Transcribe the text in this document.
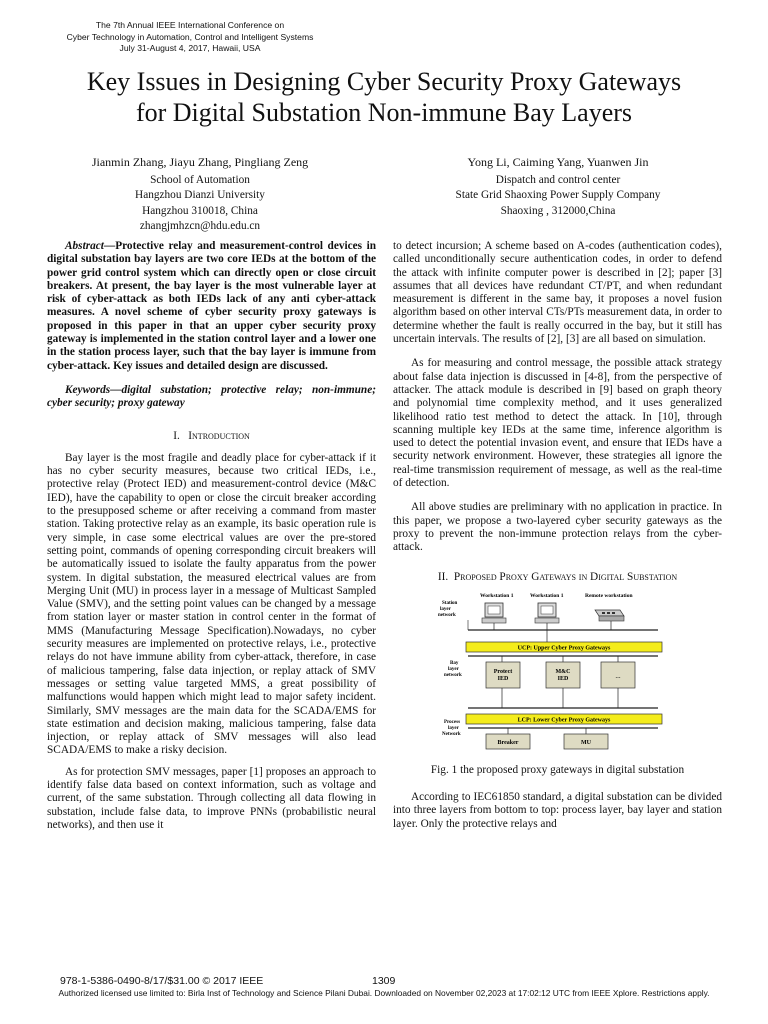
The 7th Annual IEEE International Conference on
Cyber Technology in Automation, Control and Intelligent Systems
July 31-August 4, 2017, Hawaii, USA
Key Issues in Designing Cyber Security Proxy Gateways
for Digital Substation Non-immune Bay Layers
Jianmin Zhang, Jiayu Zhang, Pingliang Zeng
School of Automation
Hangzhou Dianzi University
Hangzhou 310018, China
zhangjmhzcn@hdu.edu.cn
Yong Li, Caiming Yang, Yuanwen Jin
Dispatch and control center
State Grid Shaoxing Power Supply Company
Shaoxing , 312000,China

Abstract—Protective relay and measurement-control devices in digital substation bay layers are two core IEDs at the bottom of the power grid control system which can directly open or close circuit breakers. At present, the bay layer is the most vulnerable layer at risk of cyber-attack as both IEDs lack of any anti cyber-attack measures. A novel scheme of cyber security proxy gateways is proposed in this paper in that an upper cyber security proxy gateway is implemented in the station control layer and a lower one in the station process layer, such that the bay layer is immune from cyber-attack. Key issues and detailed design are discussed.

Keywords—digital substation; protective relay; non-immune; cyber security; proxy gateway

I. Introduction

Bay layer is the most fragile and deadly place for cyber-attack if it has no cyber security measures, because two critical IEDs, i.e., protective relay (Protect IED) and measurement-control device (M&C IED), have the capability to open or close the circuit breaker according to the presupposed scheme or after receiving a command from master station. Taking protective relay as an example, its basic operation rule is very simple, in case some electrical values are over the pre-stored setting point, commands of opening corresponding circuit breakers will be automatically issued to isolate the faulty apparatus from the power system. In digital substation, the measured electrical values are from Merging Unit (MU) in process layer in a message of Multicast Sampled Value (SMV), and the setting point values can be changed by a message from station layer or master station in control center in the format of MMS (Manufacturing Message Specification).Nowadays, no cyber security measures are implemented on protective relays, i.e., protective relays do not have immune ability from cyber-attack, therefore, in case of malicious tampering, false data injection, or replay attack of SMV messages or setting value targeted MMS, a great possibility of malfunctions would happen which might lead to major safety incident. Similarly, SMV messages are the main data for the SCADA/EMS for state estimation and decision making, malicious tampering, false data injection, or replay attack of SMV messages will also lead SCADA/EMS to make a risky decision.

As for protection SMV messages, paper [1] proposes an approach to identify false data based on context information, such as voltage and current, of the same substation. Through collecting all data flowing in substation, include false data, to improve PNNs (probabilistic neural networks), and then use it

to detect incursion; A scheme based on A-codes (authentication codes), called unconditionally secure authentication codes, in order to defend the attack with infinite computer power is described in [2]; paper [3] assumes that all devices have redundant CT/PT, and when redundant measurement is different in the same bay, it proposes a novel fusion algorithm based on other interval CTs/PTs measurement data, in order to determine whether the fault is really occurred in the bay, but it still has uncertain intervals. The results of [2], [3] are all based on simulation.

As for measuring and control message, the possible attack strategy about false data injection is discussed in [4-8], from the perspective of attacker. The attack module is described in [9] based on graph theory and polynomial time complexity method, and it uses generalized likelihood ratio test method to detect the attack. In [10], through scanning multiple key IEDs at the same time, inference algorithm is used to detect the potential invasion event, and ensure that IEDs have a security network environment. However, these strategies all ignore the real-time transmission requirement of message, as well as the real-time of detection.

All above studies are preliminary with no application in practice. In this paper, we propose a two-layered cyber security gateways as the proxy to prevent the non-immune protection relays from the cyber-attack.

II. Proposed Proxy Gateways in Digital Substation

Workstation 1	Workstation 1	Remote workstation
Station layer network
UCP: Upper Cyber Proxy Gateways
Bay layer network
Protect IED
M&C IED	...
LCP: Lower Cyber Proxy Gateways
Process layer Network
Breaker	MU

Fig. 1 the proposed proxy gateways in digital substation

According to IEC61850 standard, a digital substation can be divided into three layers from bottom to top: process layer, bay layer and station layer. Only the protective relays and

978-1-5386-0490-8/17/$31.00 © 2017 IEEE	1309
Authorized licensed use limited to: Birla Inst of Technology and Science Pilani Dubai. Downloaded on November 02,2023 at 17:02:12 UTC from IEEE Xplore. Restrictions apply.
